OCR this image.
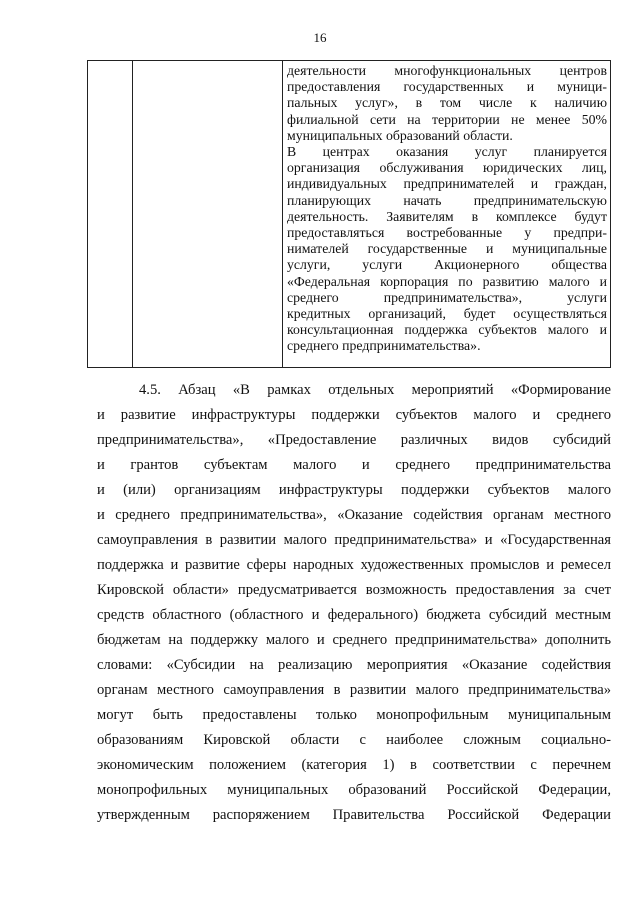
16
деятельности многофункциональных центров
предоставления государственных и муници-
пальных услуг», в том числе к наличию
филиальной сети на территории не менее 50%
муниципальных образований области.
В центрах оказания услуг планируется
организация обслуживания юридических лиц,
индивидуальных предпринимателей и граждан,
планирующих начать предпринимательскую
деятельность. Заявителям в комплексе будут
предоставляться востребованные у предпри-
нимателей государственные и муниципальные
услуги, услуги Акционерного общества
«Федеральная корпорация по развитию малого и
среднего предпринимательства», услуги
кредитных организаций, будет осуществляться
консультационная поддержка субъектов малого и
среднего предпринимательства».
4.5. Абзац «В рамках отдельных мероприятий «Формирование
и развитие инфраструктуры поддержки субъектов малого и среднего
предпринимательства», «Предоставление различных видов субсидий
и грантов субъектам малого и среднего предпринимательства
и (или) организациям инфраструктуры поддержки субъектов малого
и среднего предпринимательства», «Оказание содействия органам местного
самоуправления в развитии малого предпринимательства» и «Государственная
поддержка и развитие сферы народных художественных промыслов и ремесел
Кировской области» предусматривается возможность предоставления за счет
средств областного (областного и федерального) бюджета субсидий местным
бюджетам на поддержку малого и среднего предпринимательства» дополнить
словами: «Субсидии на реализацию мероприятия «Оказание содействия
органам местного самоуправления в развитии малого предпринимательства»
могут быть предоставлены только монопрофильным муниципальным
образованиям Кировской области с наиболее сложным социально-
экономическим положением (категория 1) в соответствии с перечнем
монопрофильных муниципальных образований Российской Федерации,
утвержденным распоряжением Правительства Российской Федерации
